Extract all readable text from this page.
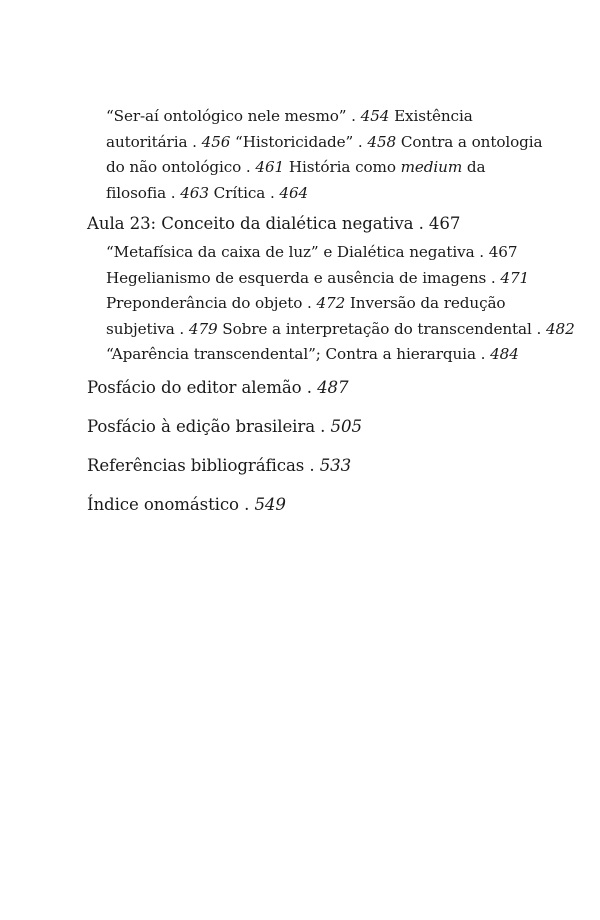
“Ser-aí ontológico nele mesmo” . 454 Existência
autoritária . 456 “Historicidade” . 458 Contra a ontologia
do não ontológico . 461 História como medium da
filosofia . 463 Crítica . 464
Aula 23: Conceito da dialética negativa . 467
“Metafísica da caixa de luz” e Dialética negativa . 467
Hegelianismo de esquerda e ausência de imagens . 471
Preponderância do objeto . 472 Inversão da redução
subjetiva . 479 Sobre a interpretação do transcendental . 482
“Aparência transcendental”; Contra a hierarquia . 484
Posfácio do editor alemão . 487
Posfácio à edição brasileira . 505
Referências bibliográficas . 533
Índice onomástico . 549
